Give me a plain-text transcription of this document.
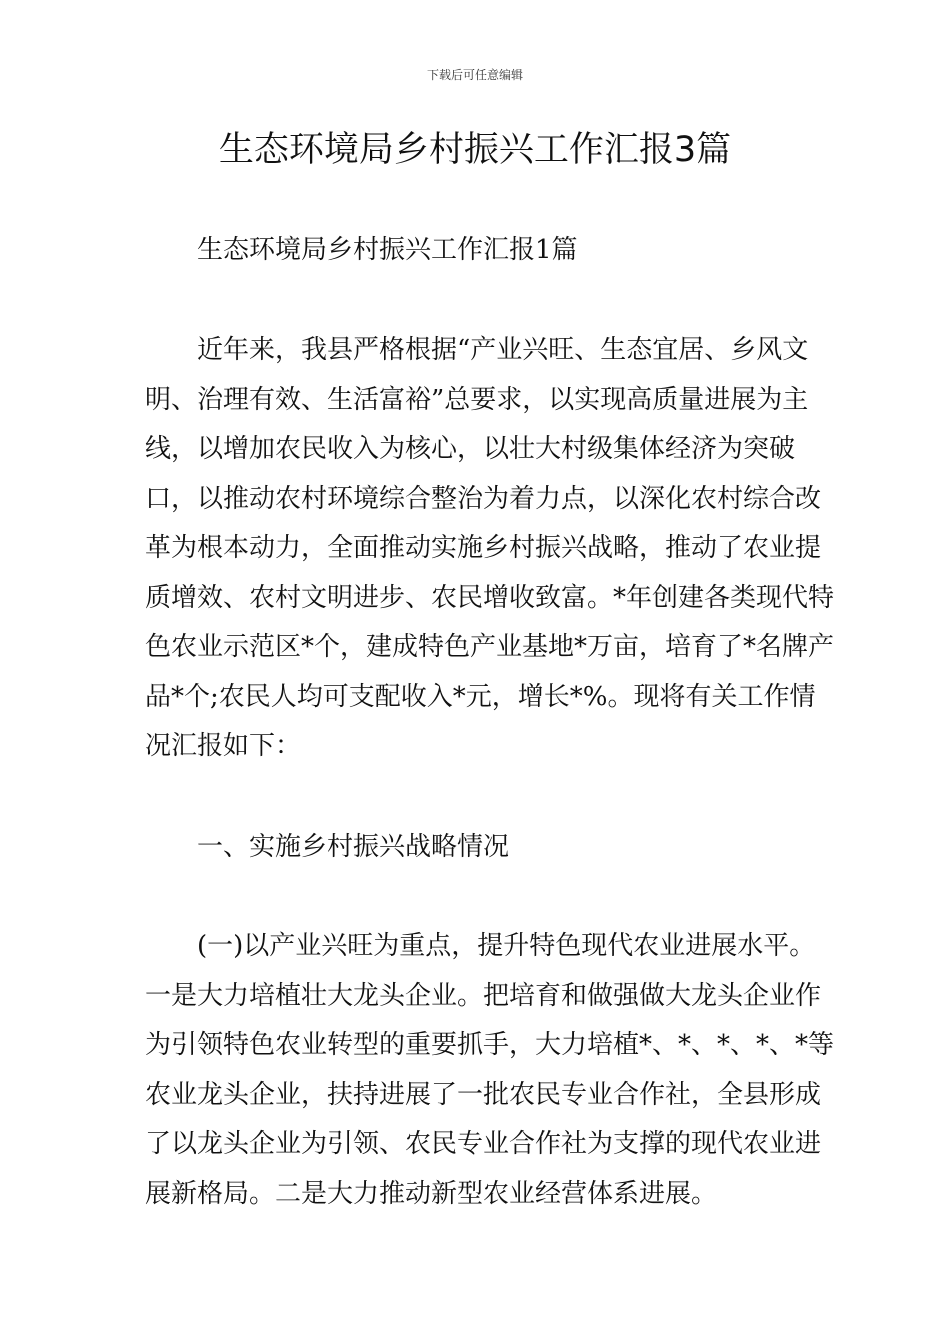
下载后可任意编辑
生态环境局乡村振兴工作汇报3篇
生态环境局乡村振兴工作汇报1篇
近年来，我县严格根据“产业兴旺、生态宜居、乡风文明、治理有效、生活富裕”总要求，以实现高质量进展为主线，以增加农民收入为核心，以壮大村级集体经济为突破口，以推动农村环境综合整治为着力点，以深化农村综合改革为根本动力，全面推动实施乡村振兴战略，推动了农业提质增效、农村文明进步、农民增收致富。*年创建各类现代特色农业示范区*个，建成特色产业基地*万亩，培育了*名牌产品*个;农民人均可支配收入*元，增长*%。现将有关工作情况汇报如下：
一、实施乡村振兴战略情况
(一)以产业兴旺为重点，提升特色现代农业进展水平。一是大力培植壮大龙头企业。把培育和做强做大龙头企业作为引领特色农业转型的重要抓手，大力培植*、*、*、*、*等农业龙头企业，扶持进展了一批农民专业合作社，全县形成了以龙头企业为引领、农民专业合作社为支撑的现代农业进展新格局。二是大力推动新型农业经营体系进展。
